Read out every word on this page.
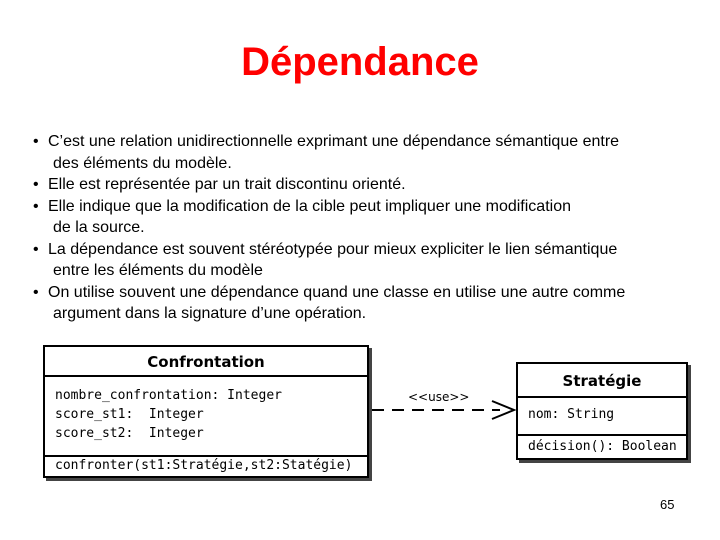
Dépendance
• C’est une relation unidirectionnelle exprimant une dépendance sémantique entre
des éléments du modèle.
• Elle est représentée par un trait discontinu orienté.
• Elle indique que la modification de la cible peut impliquer une modification
de la source.
• La dépendance est souvent stéréotypée pour mieux expliciter le lien sémantique
entre les éléments du modèle
• On utilise souvent une dépendance quand une classe en utilise une autre comme
argument dans la signature d’une opération.
<<use>>
Confrontation
nombre_confrontation: Integer
score_st1:  Integer
score_st2:  Integer
confronter(st1:Stratégie,st2:Statégie)
Stratégie
nom: String
décision(): Boolean
65
